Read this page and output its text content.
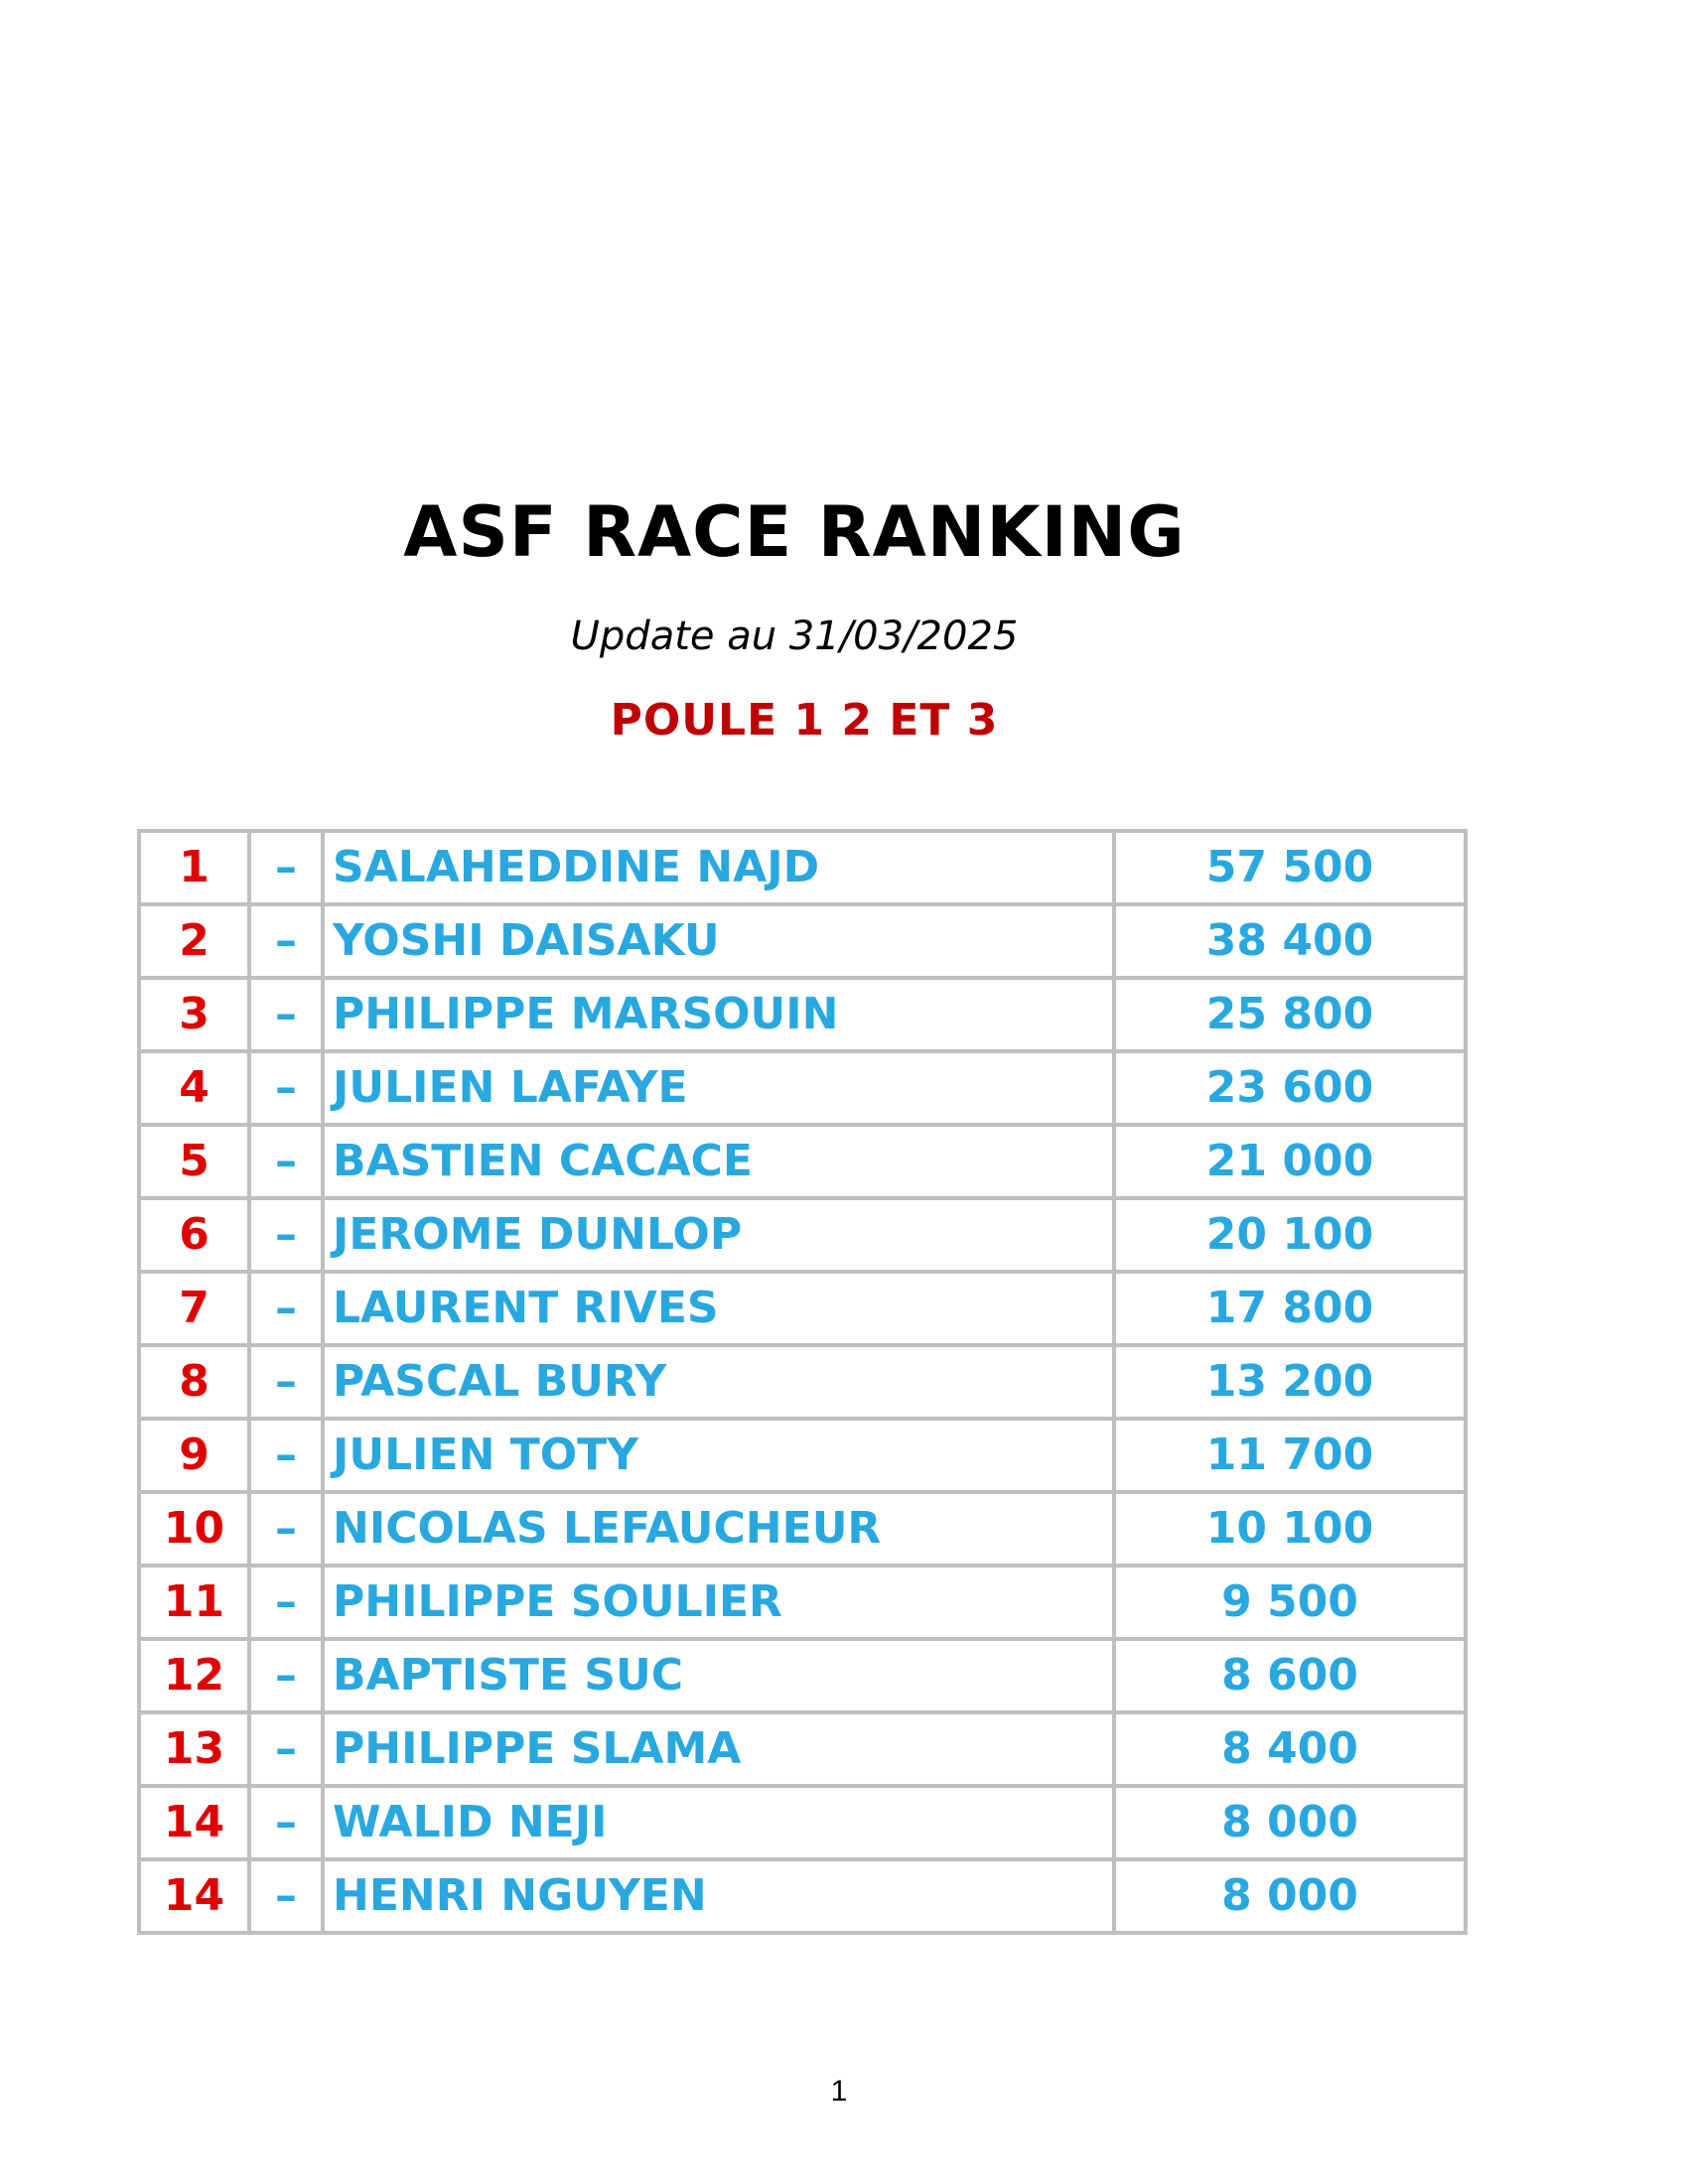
ASF RACE RANKING
Update au 31/03/2025
POULE 1 2 ET 3
1	–	SALAHEDDINE NAJD	57 500
2	–	YOSHI DAISAKU	38 400
3	–	PHILIPPE MARSOUIN	25 800
4	–	JULIEN LAFAYE	23 600
5	–	BASTIEN CACACE	21 000
6	–	JEROME DUNLOP	20 100
7	–	LAURENT RIVES	17 800
8	–	PASCAL BURY	13 200
9	–	JULIEN TOTY	11 700
10	–	NICOLAS LEFAUCHEUR	10 100
11	–	PHILIPPE SOULIER	9 500
12	–	BAPTISTE SUC	8 600
13	–	PHILIPPE SLAMA	8 400
14	–	WALID NEJI	8 000
14	–	HENRI NGUYEN	8 000
1
